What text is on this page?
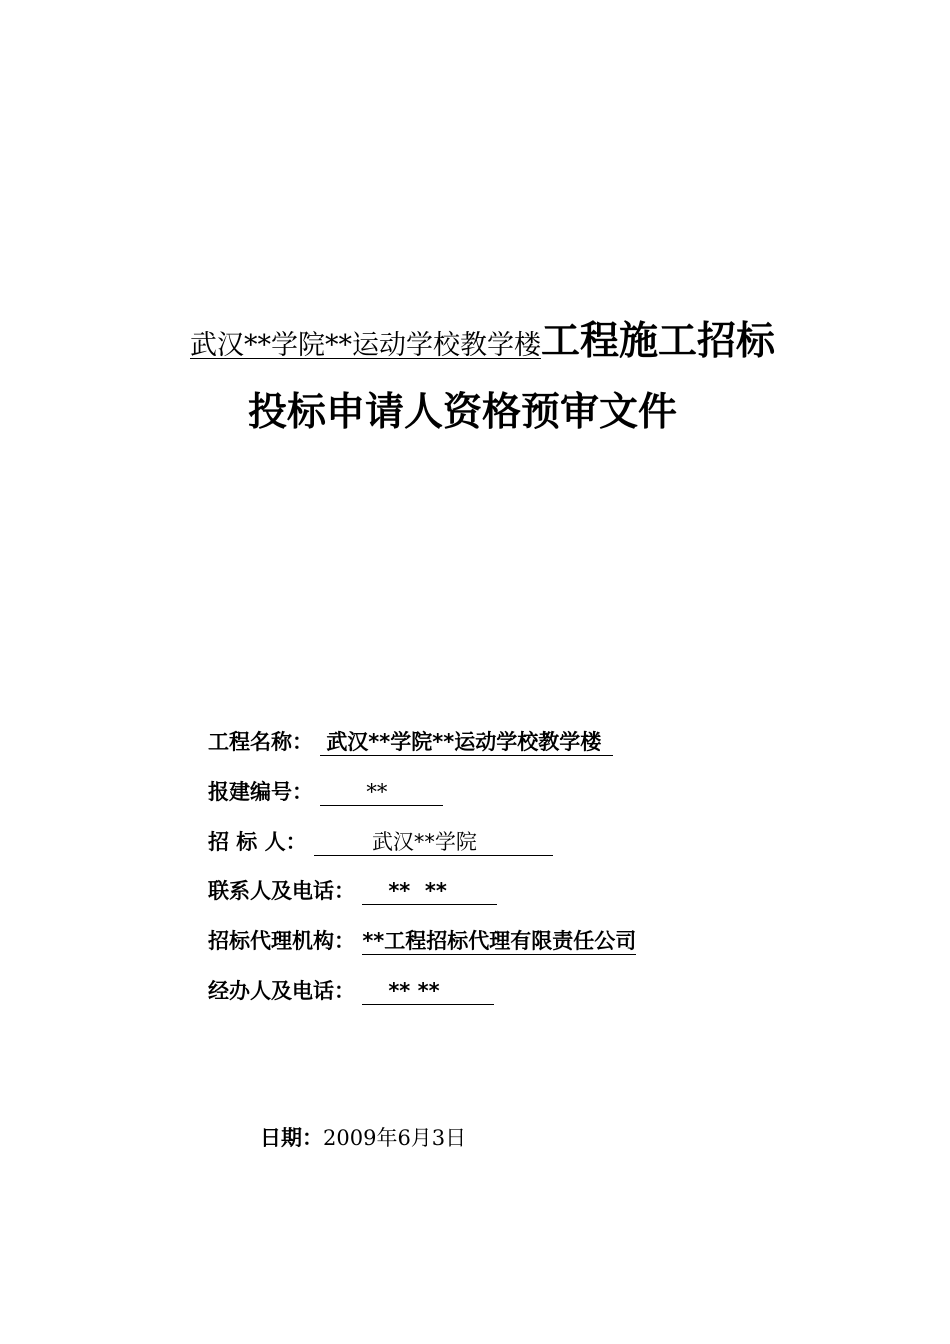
武汉**学院**运动学校教学楼工程施工招标
投标申请人资格预审文件
工程名称： 武汉**学院**运动学校教学楼
报建编号：	**
招 标 人：	武汉**学院
联系人及电话： **  **
招标代理机构： **工程招标代理有限责任公司
经办人及电话： ** **
日期：2009年6月3日
